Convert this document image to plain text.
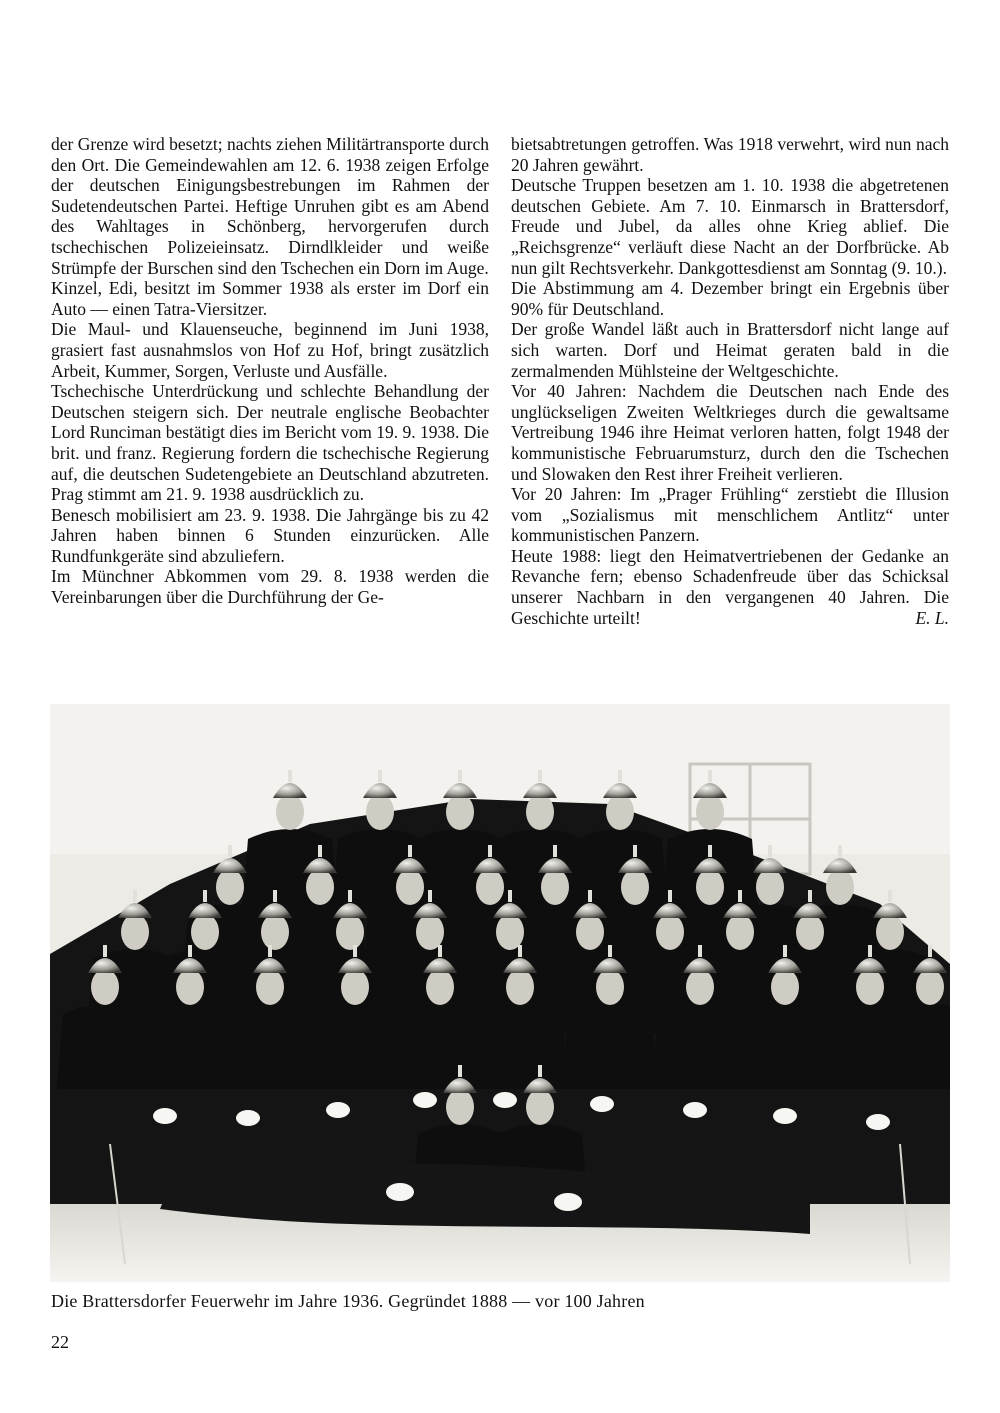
der Grenze wird besetzt; nachts ziehen Militärtransporte durch den Ort. Die Gemeindewahlen am 12. 6. 1938 zeigen Erfolge der deutschen Einigungsbestrebungen im Rahmen der Sudetendeutschen Partei. Heftige Unruhen gibt es am Abend des Wahltages in Schönberg, hervorgerufen durch tschechischen Polizeieinsatz. Dirndlkleider und weiße Strümpfe der Burschen sind den Tschechen ein Dorn im Auge.

Kinzel, Edi, besitzt im Sommer 1938 als erster im Dorf ein Auto — einen Tatra-Viersitzer.

Die Maul- und Klauenseuche, beginnend im Juni 1938, grasiert fast ausnahmslos von Hof zu Hof, bringt zusätzlich Arbeit, Kummer, Sorgen, Verluste und Ausfälle.

Tschechische Unterdrückung und schlechte Behandlung der Deutschen steigern sich. Der neutrale englische Beobachter Lord Runciman bestätigt dies im Bericht vom 19. 9. 1938. Die brit. und franz. Regierung fordern die tschechische Regierung auf, die deutschen Sudetengebiete an Deutschland abzutreten. Prag stimmt am 21. 9. 1938 ausdrücklich zu.

Benesch mobilisiert am 23. 9. 1938. Die Jahrgänge bis zu 42 Jahren haben binnen 6 Stunden einzurücken. Alle Rundfunkgeräte sind abzuliefern.

Im Münchner Abkommen vom 29. 8. 1938 werden die Vereinbarungen über die Durchführung der Ge-

bietsabtretungen getroffen. Was 1918 verwehrt, wird nun nach 20 Jahren gewährt.

Deutsche Truppen besetzen am 1. 10. 1938 die abgetretenen deutschen Gebiete. Am 7. 10. Einmarsch in Brattersdorf, Freude und Jubel, da alles ohne Krieg ablief. Die „Reichsgrenze“ verläuft diese Nacht an der Dorfbrücke. Ab nun gilt Rechtsverkehr. Dankgottesdienst am Sonntag (9. 10.).

Die Abstimmung am 4. Dezember bringt ein Ergebnis über 90% für Deutschland.

Der große Wandel läßt auch in Brattersdorf nicht lange auf sich warten. Dorf und Heimat geraten bald in die zermalmenden Mühlsteine der Weltgeschichte.

Vor 40 Jahren: Nachdem die Deutschen nach Ende des unglückseligen Zweiten Weltkrieges durch die gewaltsame Vertreibung 1946 ihre Heimat verloren hatten, folgt 1948 der kommunistische Februarumsturz, durch den die Tschechen und Slowaken den Rest ihrer Freiheit verlieren.

Vor 20 Jahren: Im „Prager Frühling“ zerstiebt die Illusion vom „Sozialismus mit menschlichem Antlitz“ unter kommunistischen Panzern.

Heute 1988: liegt den Heimatvertriebenen der Gedanke an Revanche fern; ebenso Schadenfreude über das Schicksal unserer Nachbarn in den vergangenen 40 Jahren. Die Geschichte urteilt!	E. L.

Die Brattersdorfer Feuerwehr im Jahre 1936. Gegründet 1888 — vor 100 Jahren
22
